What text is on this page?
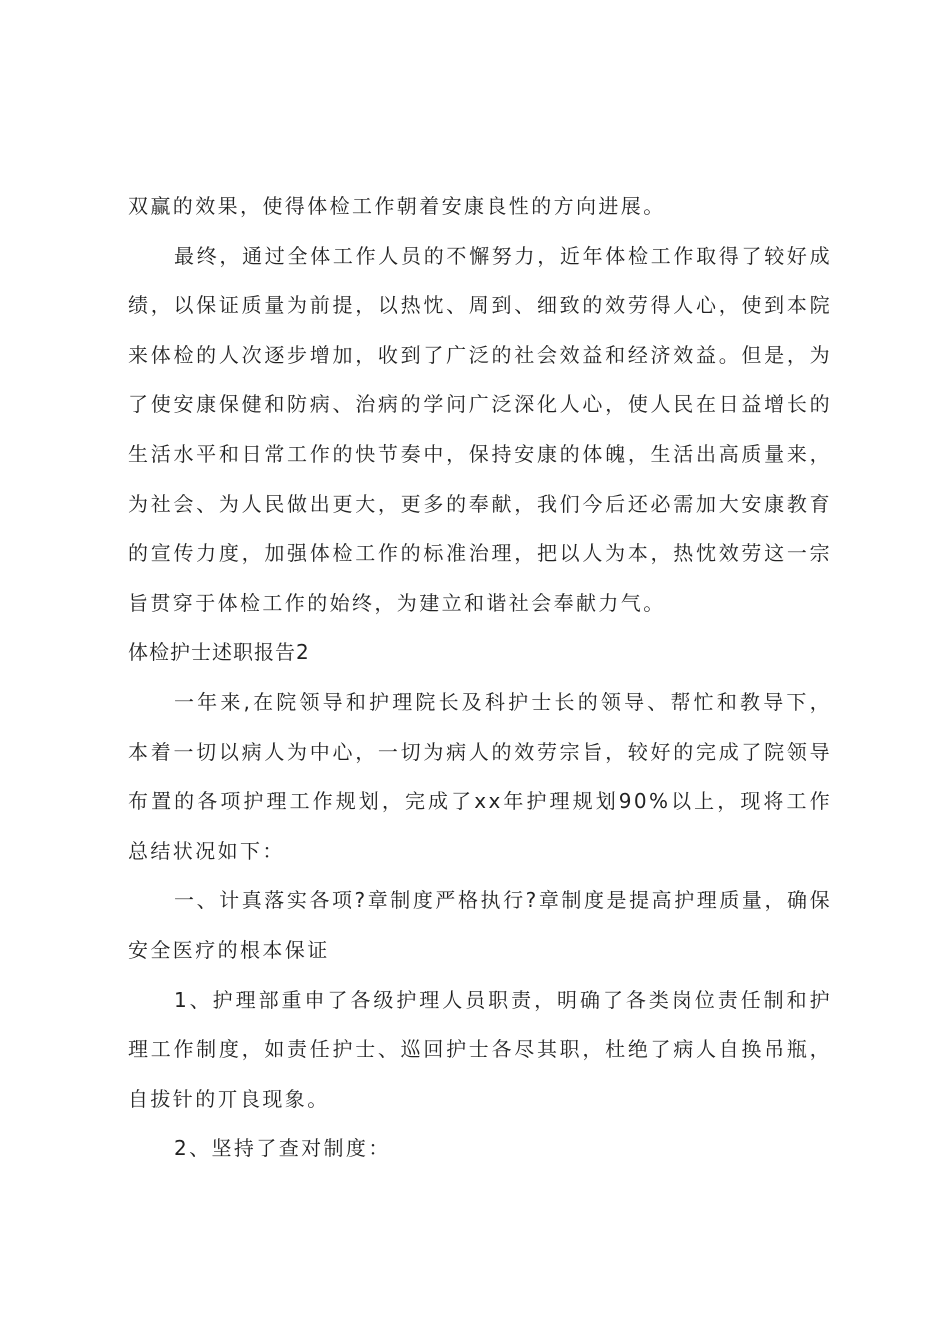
双赢的效果，使得体检工作朝着安康良性的方向进展。

最终，通过全体工作人员的不懈努力，近年体检工作取得了较好成绩，以保证质量为前提，以热忱、周到、细致的效劳得人心，使到本院来体检的人次逐步增加，收到了广泛的社会效益和经济效益。但是，为了使安康保健和防病、治病的学问广泛深化人心，使人民在日益增长的生活水平和日常工作的快节奏中，保持安康的体魄，生活出高质量来，为社会、为人民做出更大，更多的奉献，我们今后还必需加大安康教育的宣传力度，加强体检工作的标准治理，把以人为本，热忱效劳这一宗旨贯穿于体检工作的始终，为建立和谐社会奉献力气。

体检护士述职报告2

一年来,在院领导和护理院长及科护士长的领导、帮忙和教导下，本着一切以病人为中心，一切为病人的效劳宗旨，较好的完成了院领导布置的各项护理工作规划，完成了xx年护理规划90%以上，现将工作总结状况如下：

一、计真落实各项?章制度严格执行?章制度是提高护理质量，确保安全医疗的根本保证

1、护理部重申了各级护理人员职责，明确了各类岗位责任制和护理工作制度，如责任护士、巡回护士各尽其职，杜绝了病人自换吊瓶，自拔针的丌良现象。

2、坚持了查对制度：
